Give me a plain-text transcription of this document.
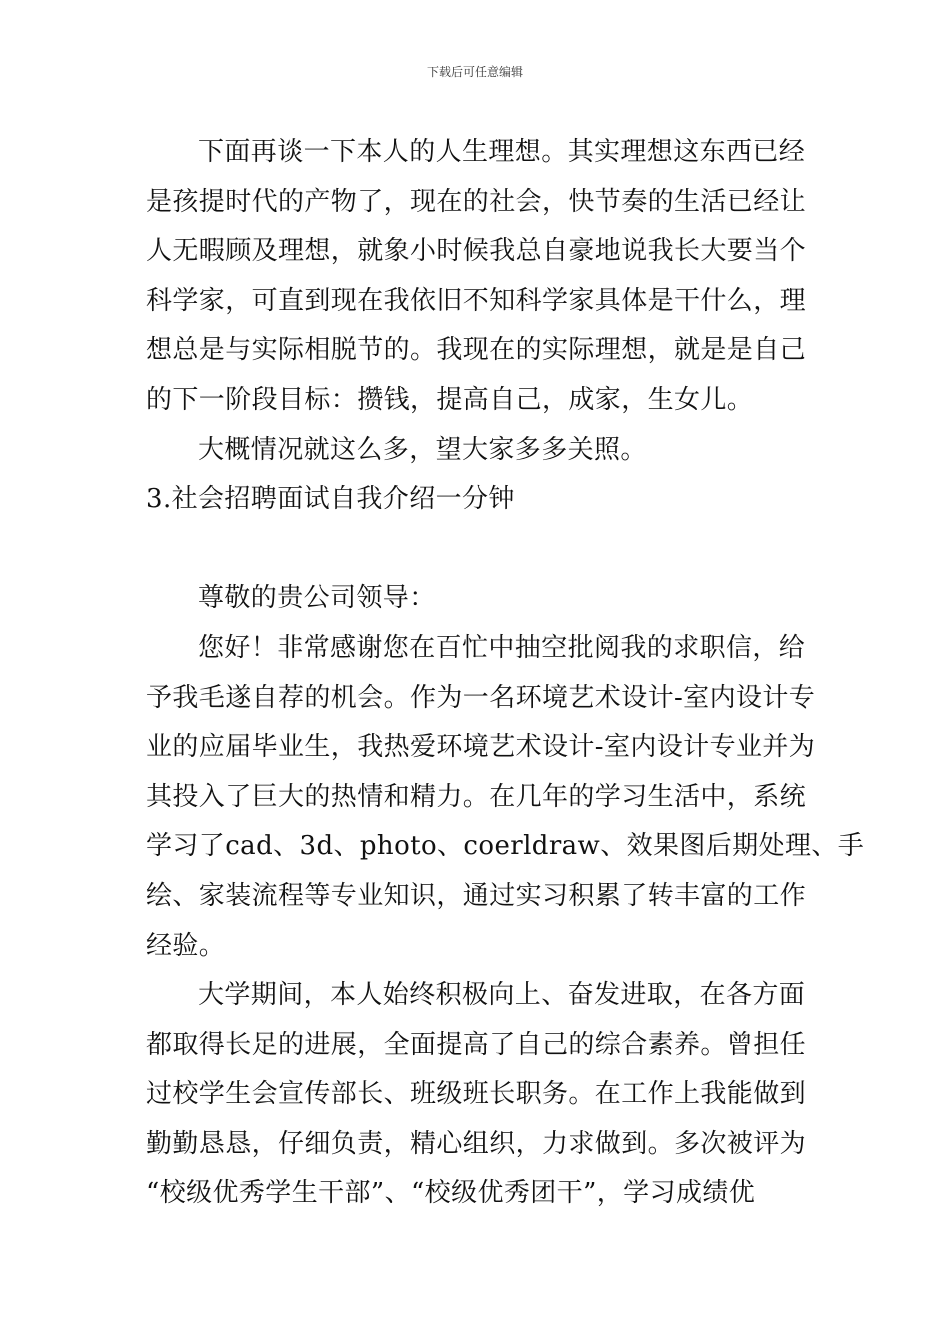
下载后可任意编辑
下面再谈一下本人的人生理想。其实理想这东西已经
是孩提时代的产物了，现在的社会，快节奏的生活已经让
人无暇顾及理想，就象小时候我总自豪地说我长大要当个
科学家，可直到现在我依旧不知科学家具体是干什么，理
想总是与实际相脱节的。我现在的实际理想，就是是自己
的下一阶段目标：攒钱，提高自己，成家，生女儿。
大概情况就这么多，望大家多多关照。
3.社会招聘面试自我介绍一分钟
尊敬的贵公司领导：
您好！非常感谢您在百忙中抽空批阅我的求职信，给
予我毛遂自荐的机会。作为一名环境艺术设计-室内设计专
业的应届毕业生，我热爱环境艺术设计-室内设计专业并为
其投入了巨大的热情和精力。在几年的学习生活中，系统
学习了cad、3d、photo、coerldraw、效果图后期处理、手
绘、家装流程等专业知识，通过实习积累了转丰富的工作
经验。
大学期间，本人始终积极向上、奋发进取，在各方面
都取得长足的进展，全面提高了自己的综合素养。曾担任
过校学生会宣传部长、班级班长职务。在工作上我能做到
勤勤恳恳，仔细负责，精心组织，力求做到。多次被评为
“校级优秀学生干部”、“校级优秀团干”，学习成绩优
